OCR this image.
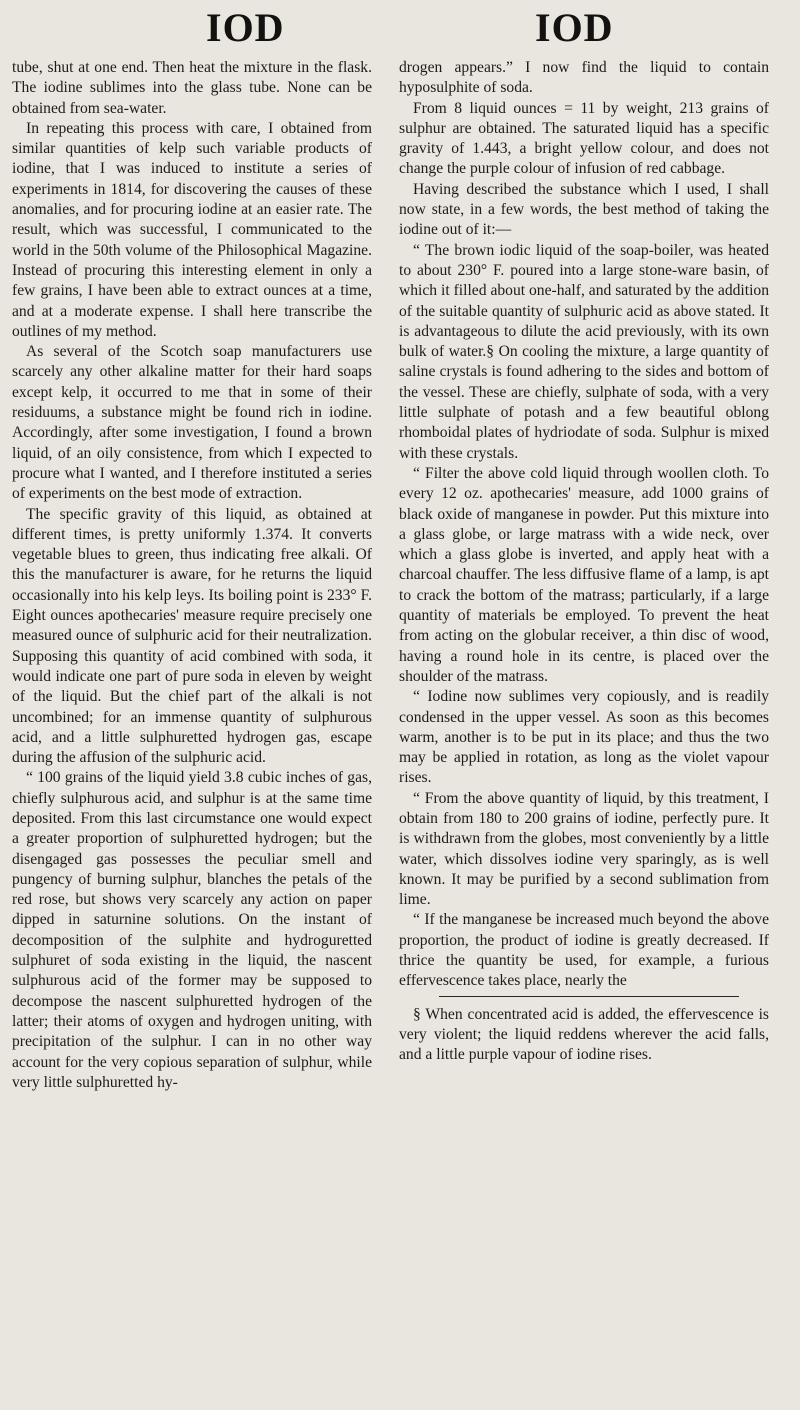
IOD	IOD

tube, shut at one end. Then heat the mixture in the flask. The iodine sublimes into the glass tube. None can be obtained from sea-water.

In repeating this process with care, I obtained from similar quantities of kelp such variable products of iodine, that I was induced to institute a series of experiments in 1814, for discovering the causes of these anomalies, and for procuring iodine at an easier rate. The result, which was successful, I communicated to the world in the 50th volume of the Philosophical Magazine. Instead of procuring this interesting element in only a few grains, I have been able to extract ounces at a time, and at a moderate expense. I shall here transcribe the outlines of my method.

As several of the Scotch soap manufacturers use scarcely any other alkaline matter for their hard soaps except kelp, it occurred to me that in some of their residuums, a substance might be found rich in iodine. Accordingly, after some investigation, I found a brown liquid, of an oily consistence, from which I expected to procure what I wanted, and I therefore instituted a series of experiments on the best mode of extraction.

The specific gravity of this liquid, as obtained at different times, is pretty uniformly 1.374. It converts vegetable blues to green, thus indicating free alkali. Of this the manufacturer is aware, for he returns the liquid occasionally into his kelp leys. Its boiling point is 233° F. Eight ounces apothecaries' measure require precisely one measured ounce of sulphuric acid for their neutralization. Supposing this quantity of acid combined with soda, it would indicate one part of pure soda in eleven by weight of the liquid. But the chief part of the alkali is not uncombined; for an immense quantity of sulphurous acid, and a little sulphuretted hydrogen gas, escape during the affusion of the sulphuric acid.

“ 100 grains of the liquid yield 3.8 cubic inches of gas, chiefly sulphurous acid, and sulphur is at the same time deposited. From this last circumstance one would expect a greater proportion of sulphuretted hydrogen; but the disengaged gas possesses the peculiar smell and pungency of burning sulphur, blanches the petals of the red rose, but shows very scarcely any action on paper dipped in saturnine solutions. On the instant of decomposition of the sulphite and hydroguretted sulphuret of soda existing in the liquid, the nascent sulphurous acid of the former may be supposed to decompose the nascent sulphuretted hydrogen of the latter; their atoms of oxygen and hydrogen uniting, with precipitation of the sulphur. I can in no other way account for the very copious separation of sulphur, while very little sulphuretted hy-

drogen appears.” I now find the liquid to contain hyposulphite of soda.

From 8 liquid ounces = 11 by weight, 213 grains of sulphur are obtained. The saturated liquid has a specific gravity of 1.443, a bright yellow colour, and does not change the purple colour of infusion of red cabbage.

Having described the substance which I used, I shall now state, in a few words, the best method of taking the iodine out of it:—

“ The brown iodic liquid of the soap-boiler, was heated to about 230° F. poured into a large stone-ware basin, of which it filled about one-half, and saturated by the addition of the suitable quantity of sulphuric acid as above stated. It is advantageous to dilute the acid previously, with its own bulk of water.§ On cooling the mixture, a large quantity of saline crystals is found adhering to the sides and bottom of the vessel. These are chiefly, sulphate of soda, with a very little sulphate of potash and a few beautiful oblong rhomboidal plates of hydriodate of soda. Sulphur is mixed with these crystals.

“ Filter the above cold liquid through woollen cloth. To every 12 oz. apothecaries' measure, add 1000 grains of black oxide of manganese in powder. Put this mixture into a glass globe, or large matrass with a wide neck, over which a glass globe is inverted, and apply heat with a charcoal chauffer. The less diffusive flame of a lamp, is apt to crack the bottom of the matrass; particularly, if a large quantity of materials be employed. To prevent the heat from acting on the globular receiver, a thin disc of wood, having a round hole in its centre, is placed over the shoulder of the matrass.

“ Iodine now sublimes very copiously, and is readily condensed in the upper vessel. As soon as this becomes warm, another is to be put in its place; and thus the two may be applied in rotation, as long as the violet vapour rises.

“ From the above quantity of liquid, by this treatment, I obtain from 180 to 200 grains of iodine, perfectly pure. It is withdrawn from the globes, most conveniently by a little water, which dissolves iodine very sparingly, as is well known. It may be purified by a second sublimation from lime.

“ If the manganese be increased much beyond the above proportion, the product of iodine is greatly decreased. If thrice the quantity be used, for example, a furious effervescence takes place, nearly the

§ When concentrated acid is added, the effervescence is very violent; the liquid reddens wherever the acid falls, and a little purple vapour of iodine rises.
